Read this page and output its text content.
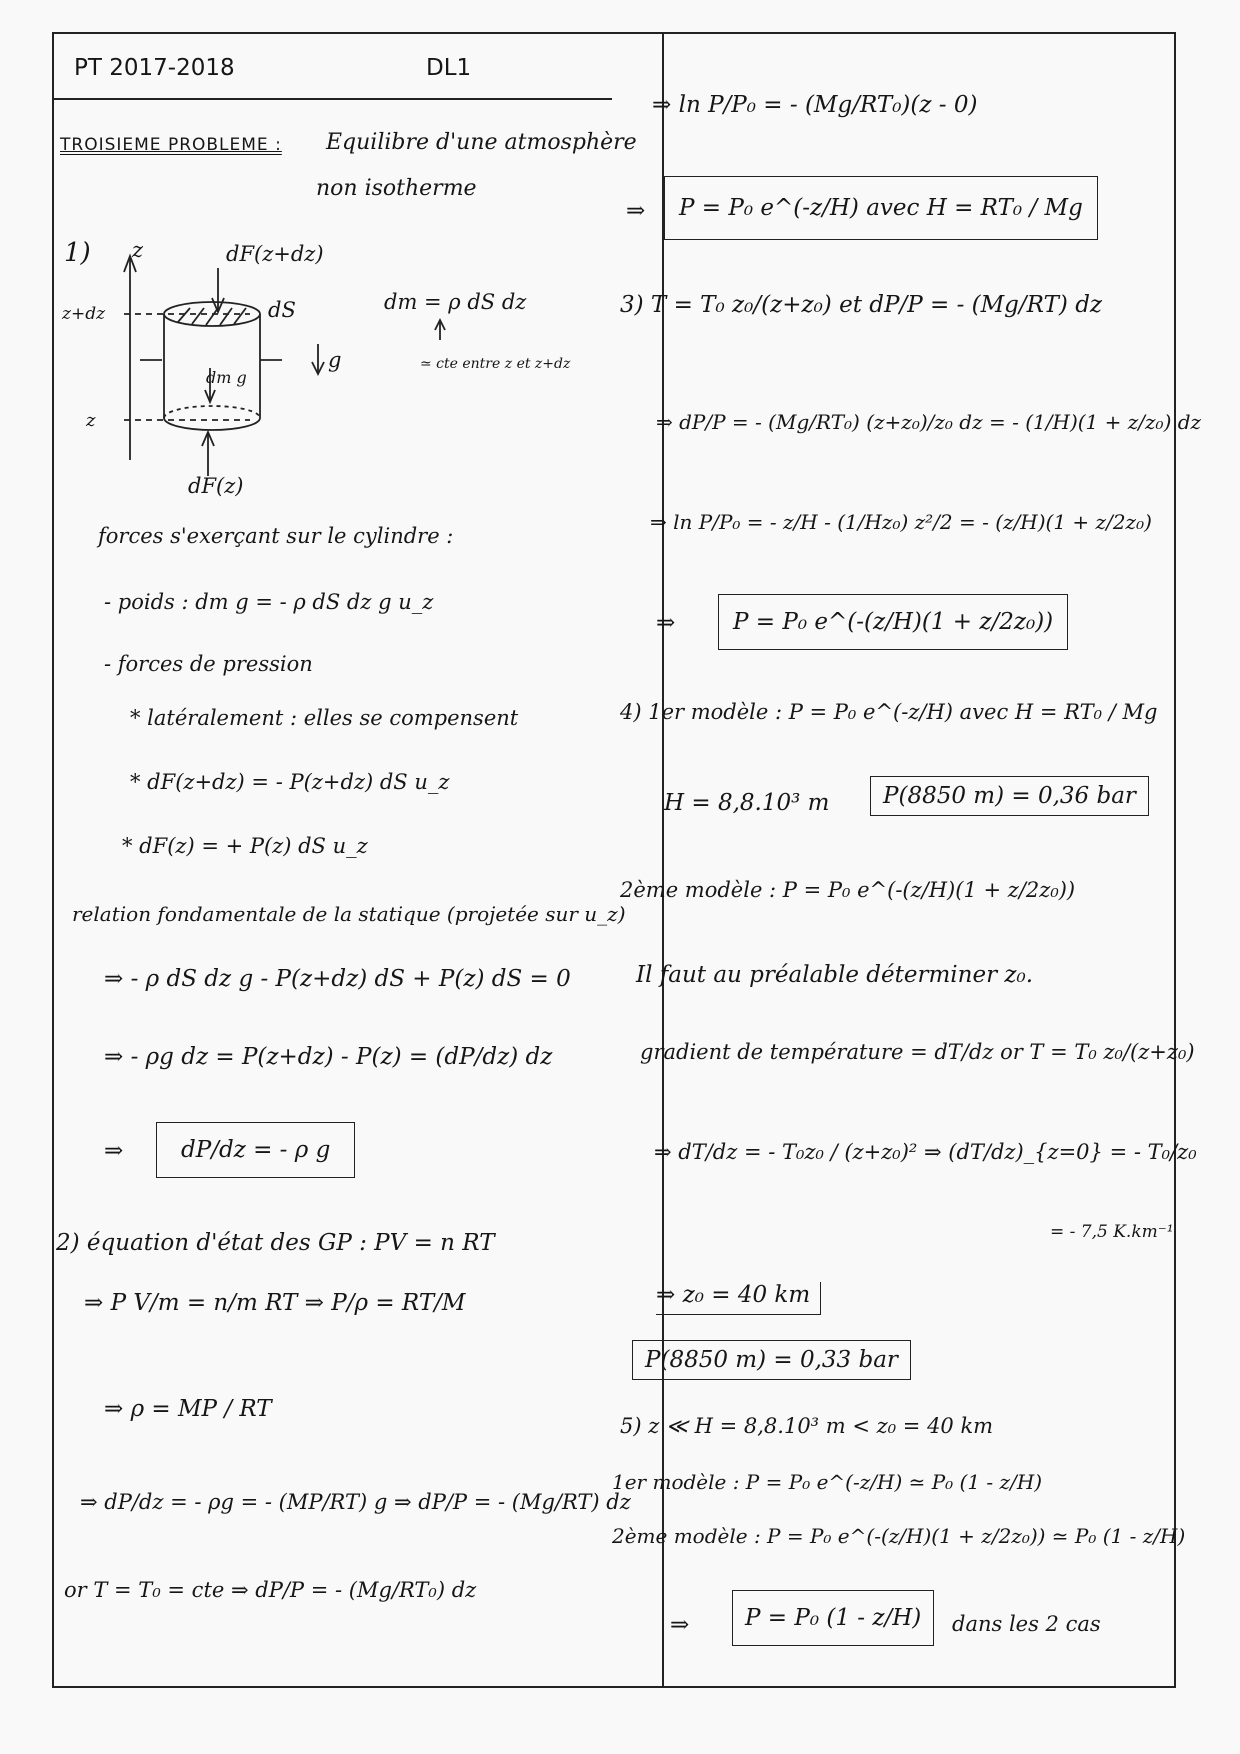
PT 2017-2018	DL1
TROISIEME PROBLEME : Equilibre d'une atmosphère
non isotherme
1)	dF(z+dz)
z
z+dz
z
dS
dm g
g
dF(z)
dm = ρ dS dz
≃ cte entre z et z+dz
forces s'exerçant sur le cylindre :
- poids : dm g = - ρ dS dz g u_z
- forces de pression
* latéralement : elles se compensent
* dF(z+dz) = - P(z+dz) dS u_z
* dF(z) = + P(z) dS u_z
relation fondamentale de la statique (projetée sur u_z)
⇒ - ρ dS dz g - P(z+dz) dS + P(z) dS = 0
⇒ - ρg dz = P(z+dz) - P(z) = (dP/dz) dz
⇒	dP/dz = - ρ g
2) équation d'état des GP : PV = n RT
⇒ P V/m = n/m RT ⇒ P/ρ = RT/M
⇒ ρ = MP / RT
⇒ dP/dz = - ρg = - (MP/RT) g ⇒ dP/P = - (Mg/RT) dz
or T = T₀ = cte ⇒ dP/P = - (Mg/RT₀) dz
⇒ ln P/P₀ = - (Mg/RT₀)(z - 0)
⇒	P = P₀ e^(-z/H) avec H = RT₀ / Mg
3) T = T₀ z₀/(z+z₀) et dP/P = - (Mg/RT) dz
⇒ dP/P = - (Mg/RT₀) (z+z₀)/z₀ dz = - (1/H)(1 + z/z₀) dz
⇒ ln P/P₀ = - z/H - (1/Hz₀) z²/2 = - (z/H)(1 + z/2z₀)
⇒	P = P₀ e^(-(z/H)(1 + z/2z₀))
4) 1er modèle : P = P₀ e^(-z/H) avec H = RT₀ / Mg
H = 8,8.10³ m	P(8850 m) = 0,36 bar
2ème modèle : P = P₀ e^(-(z/H)(1 + z/2z₀))
Il faut au préalable déterminer z₀.
gradient de température = dT/dz or T = T₀ z₀/(z+z₀)
⇒ dT/dz = - T₀z₀ / (z+z₀)² ⇒ (dT/dz)_{z=0} = - T₀/z₀
= - 7,5 K.km⁻¹
⇒ z₀ = 40 km
P(8850 m) = 0,33 bar
5) z ≪ H = 8,8.10³ m < z₀ = 40 km
1er modèle : P = P₀ e^(-z/H) ≃ P₀ (1 - z/H)
2ème modèle : P = P₀ e^(-(z/H)(1 + z/2z₀)) ≃ P₀ (1 - z/H)
⇒	P = P₀ (1 - z/H)	dans les 2 cas
